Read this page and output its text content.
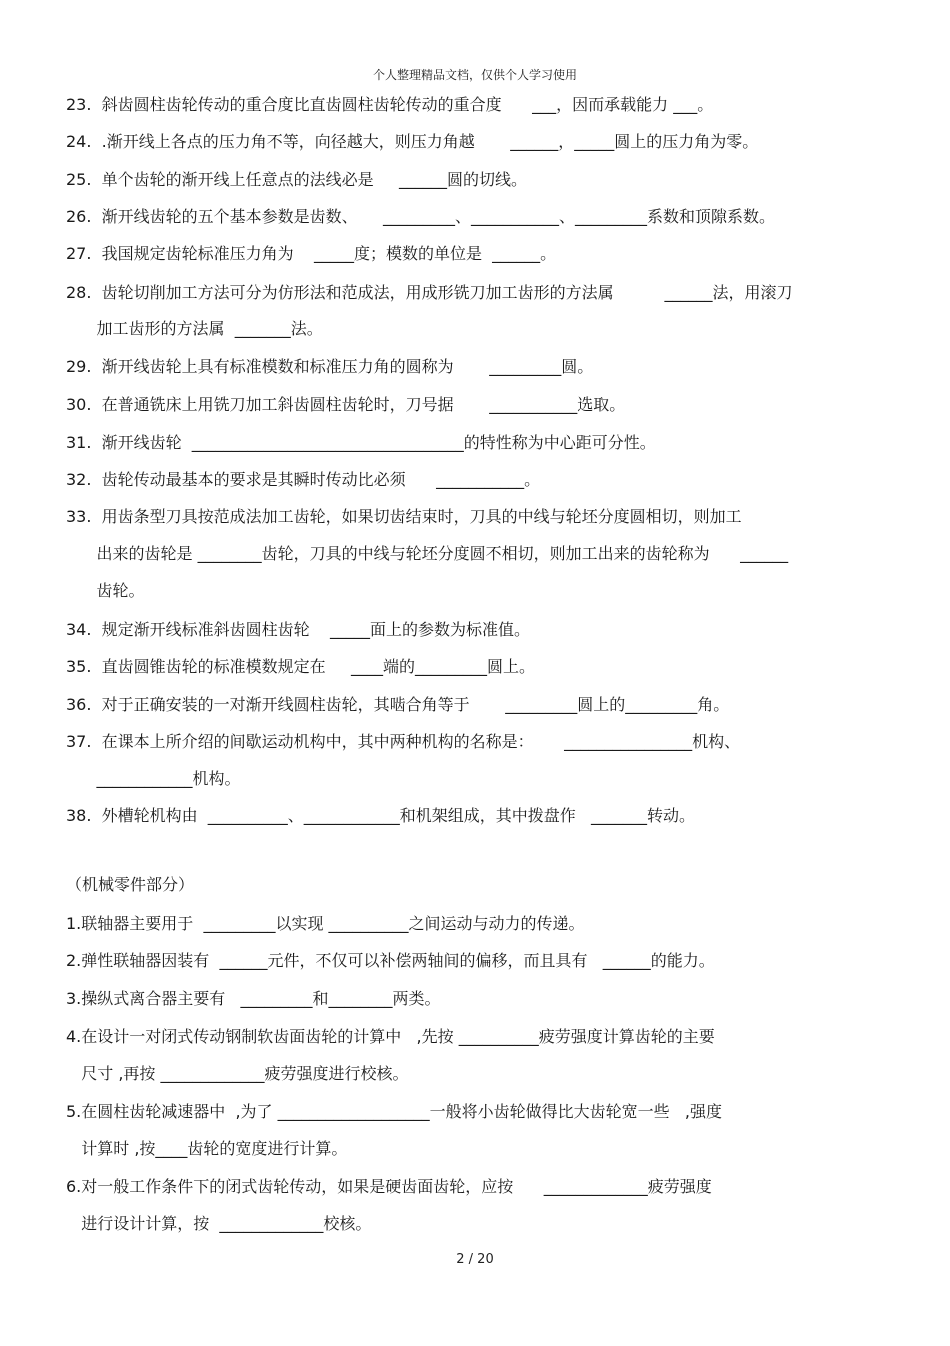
个人整理精品文档，仅供个人学习使用
23.  斜齿圆柱齿轮传动的重合度比直齿圆柱齿轮传动的重合度      ___，因而承载能力 ___。
24.  .渐开线上各点的压力角不等，向径越大，则压力角越       ______，_____圆上的压力角为零。
25.  单个齿轮的渐开线上任意点的法线必是     ______圆的切线。
26.  渐开线齿轮的五个基本参数是齿数、     _________、___________、_________系数和顶隙系数。
27.  我国规定齿轮标准压力角为    _____度；模数的单位是  ______。
28.  齿轮切削加工方法可分为仿形法和范成法，用成形铣刀加工齿形的方法属          ______法，用滚刀
加工齿形的方法属  _______法。
29.  渐开线齿轮上具有标准模数和标准压力角的圆称为       _________圆。
30.  在普通铣床上用铣刀加工斜齿圆柱齿轮时，刀号据       ___________选取。
31.  渐开线齿轮  __________________________________的特性称为中心距可分性。
32.  齿轮传动最基本的要求是其瞬时传动比必须      ___________。
33.  用齿条型刀具按范成法加工齿轮，如果切齿结束时，刀具的中线与轮坯分度圆相切，则加工
出来的齿轮是 ________齿轮，刀具的中线与轮坯分度圆不相切，则加工出来的齿轮称为      ______
齿轮。
34.  规定渐开线标准斜齿圆柱齿轮    _____面上的参数为标准值。
35.  直齿圆锥齿轮的标准模数规定在     ____端的_________圆上。
36.  对于正确安装的一对渐开线圆柱齿轮，其啮合角等于       _________圆上的_________角。
37.  在课本上所介绍的间歇运动机构中，其中两种机构的名称是：      ________________机构、
____________机构。
38.  外槽轮机构由  __________、____________和机架组成，其中拨盘作   _______转动。
（机械零件部分）
1.联轴器主要用于  _________以实现 __________之间运动与动力的传递。
2.弹性联轴器因装有  ______元件，不仅可以补偿两轴间的偏移，而且具有   ______的能力。
3.操纵式离合器主要有   _________和________两类。
4.在设计一对闭式传动钢制软齿面齿轮的计算中   ,先按 __________疲劳强度计算齿轮的主要
尺寸 ,再按 _____________疲劳强度进行校核。
5.在圆柱齿轮减速器中  ,为了 ___________________一般将小齿轮做得比大齿轮宽一些   ,强度
计算时 ,按____齿轮的宽度进行计算。
6.对一般工作条件下的闭式齿轮传动，如果是硬齿面齿轮，应按      _____________疲劳强度
进行设计计算，按  _____________校核。
2 / 20
